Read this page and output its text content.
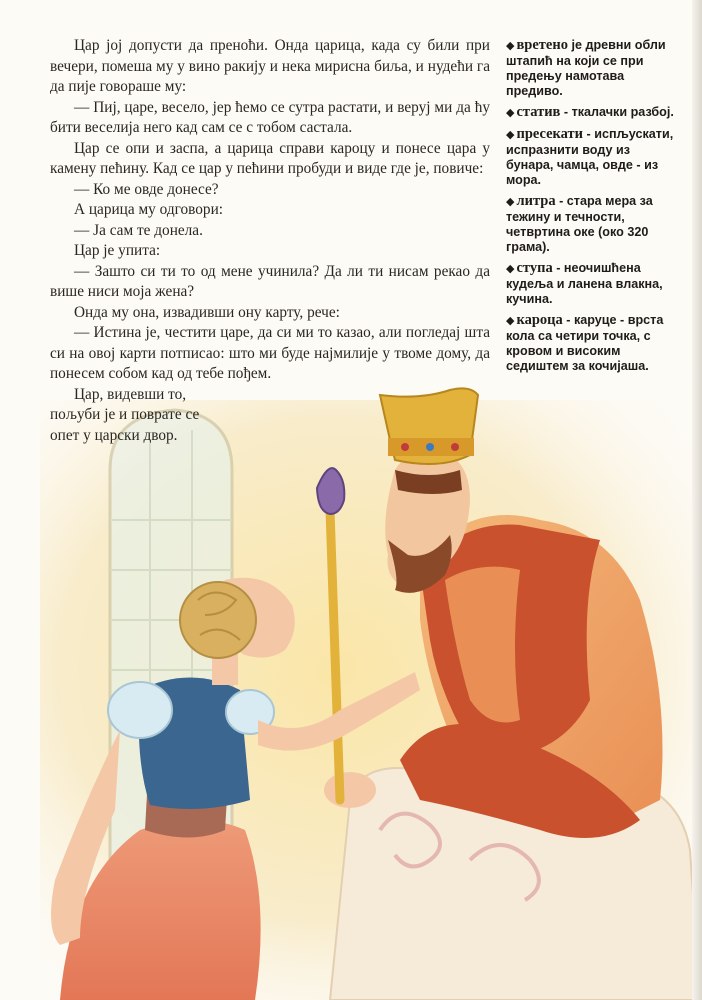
Цар јој допусти да преноћи. Онда царица, када су били при вечери, помеша му у вино ракију и нека мирисна биља, и нудећи га да пије говораше му:

— Пиј, царе, весело, јер ћемо се сутра растати, и веруј ми да ћу бити веселија него кад сам се с тобом састала.

Цар се опи и заспа, а царица справи кароцу и понесе цара у камену пећину. Кад се цар у пећини пробуди и виде где је, повиче:

— Ко ме овде донесе?

А царица му одговори:

— Ја сам те донела.

Цар је упита:

— Зашто си ти то од мене учинила? Да ли ти нисам рекао да више ниси моја жена?

Онда му она, извадивши ону карту, рече:

— Истина је, честити царе, да си ми то казао, али погледај шта си на овој карти потписао: што ми буде најмилије у твоме дому, да понесем собом кад од тебе пођем.

Цар, видевши то, пољуби је и поврате се опет у царски двор.

◆ вретено је древни обли штапић на који се при предењу намотава предиво.
◆ статив - ткалачки разбој.
◆ пресекати - испљускати, испразнити воду из бунара, чамца, овде - из мора.
◆ литра - стара мера за тежину и течности, четвртина оке (око 320 грама).
◆ ступа - неочишћена кудеља и ланена влакна, кучина.
◆ кароца - каруце - врста кола са четири точка, с кровом и високим седиштем за кочијаша.
